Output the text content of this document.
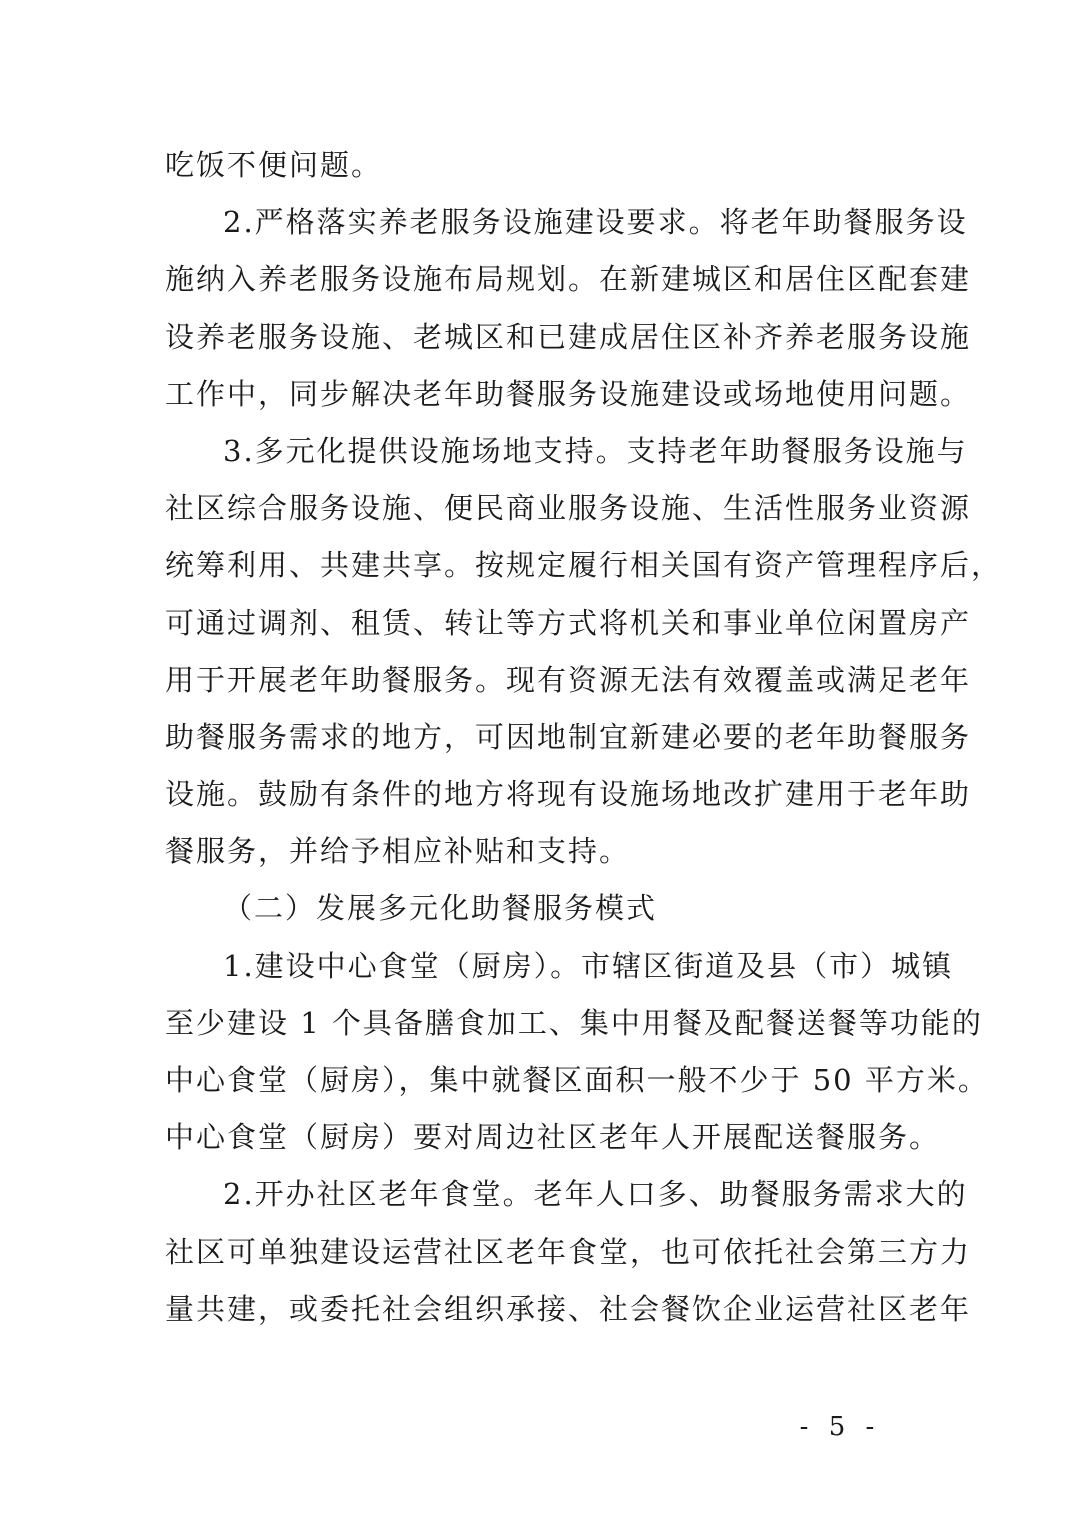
吃饭不便问题。
2.严格落实养老服务设施建设要求。将老年助餐服务设
施纳入养老服务设施布局规划。在新建城区和居住区配套建
设养老服务设施、老城区和已建成居住区补齐养老服务设施
工作中，同步解决老年助餐服务设施建设或场地使用问题。
3.多元化提供设施场地支持。支持老年助餐服务设施与
社区综合服务设施、便民商业服务设施、生活性服务业资源
统筹利用、共建共享。按规定履行相关国有资产管理程序后，
可通过调剂、租赁、转让等方式将机关和事业单位闲置房产
用于开展老年助餐服务。现有资源无法有效覆盖或满足老年
助餐服务需求的地方，可因地制宜新建必要的老年助餐服务
设施。鼓励有条件的地方将现有设施场地改扩建用于老年助
餐服务，并给予相应补贴和支持。
（二）发展多元化助餐服务模式
1.建设中心食堂（厨房）。市辖区街道及县（市）城镇
至少建设 1 个具备膳食加工、集中用餐及配餐送餐等功能的
中心食堂（厨房），集中就餐区面积一般不少于 50 平方米。
中心食堂（厨房）要对周边社区老年人开展配送餐服务。
2.开办社区老年食堂。老年人口多、助餐服务需求大的
社区可单独建设运营社区老年食堂，也可依托社会第三方力
量共建，或委托社会组织承接、社会餐饮企业运营社区老年
- 5 -
